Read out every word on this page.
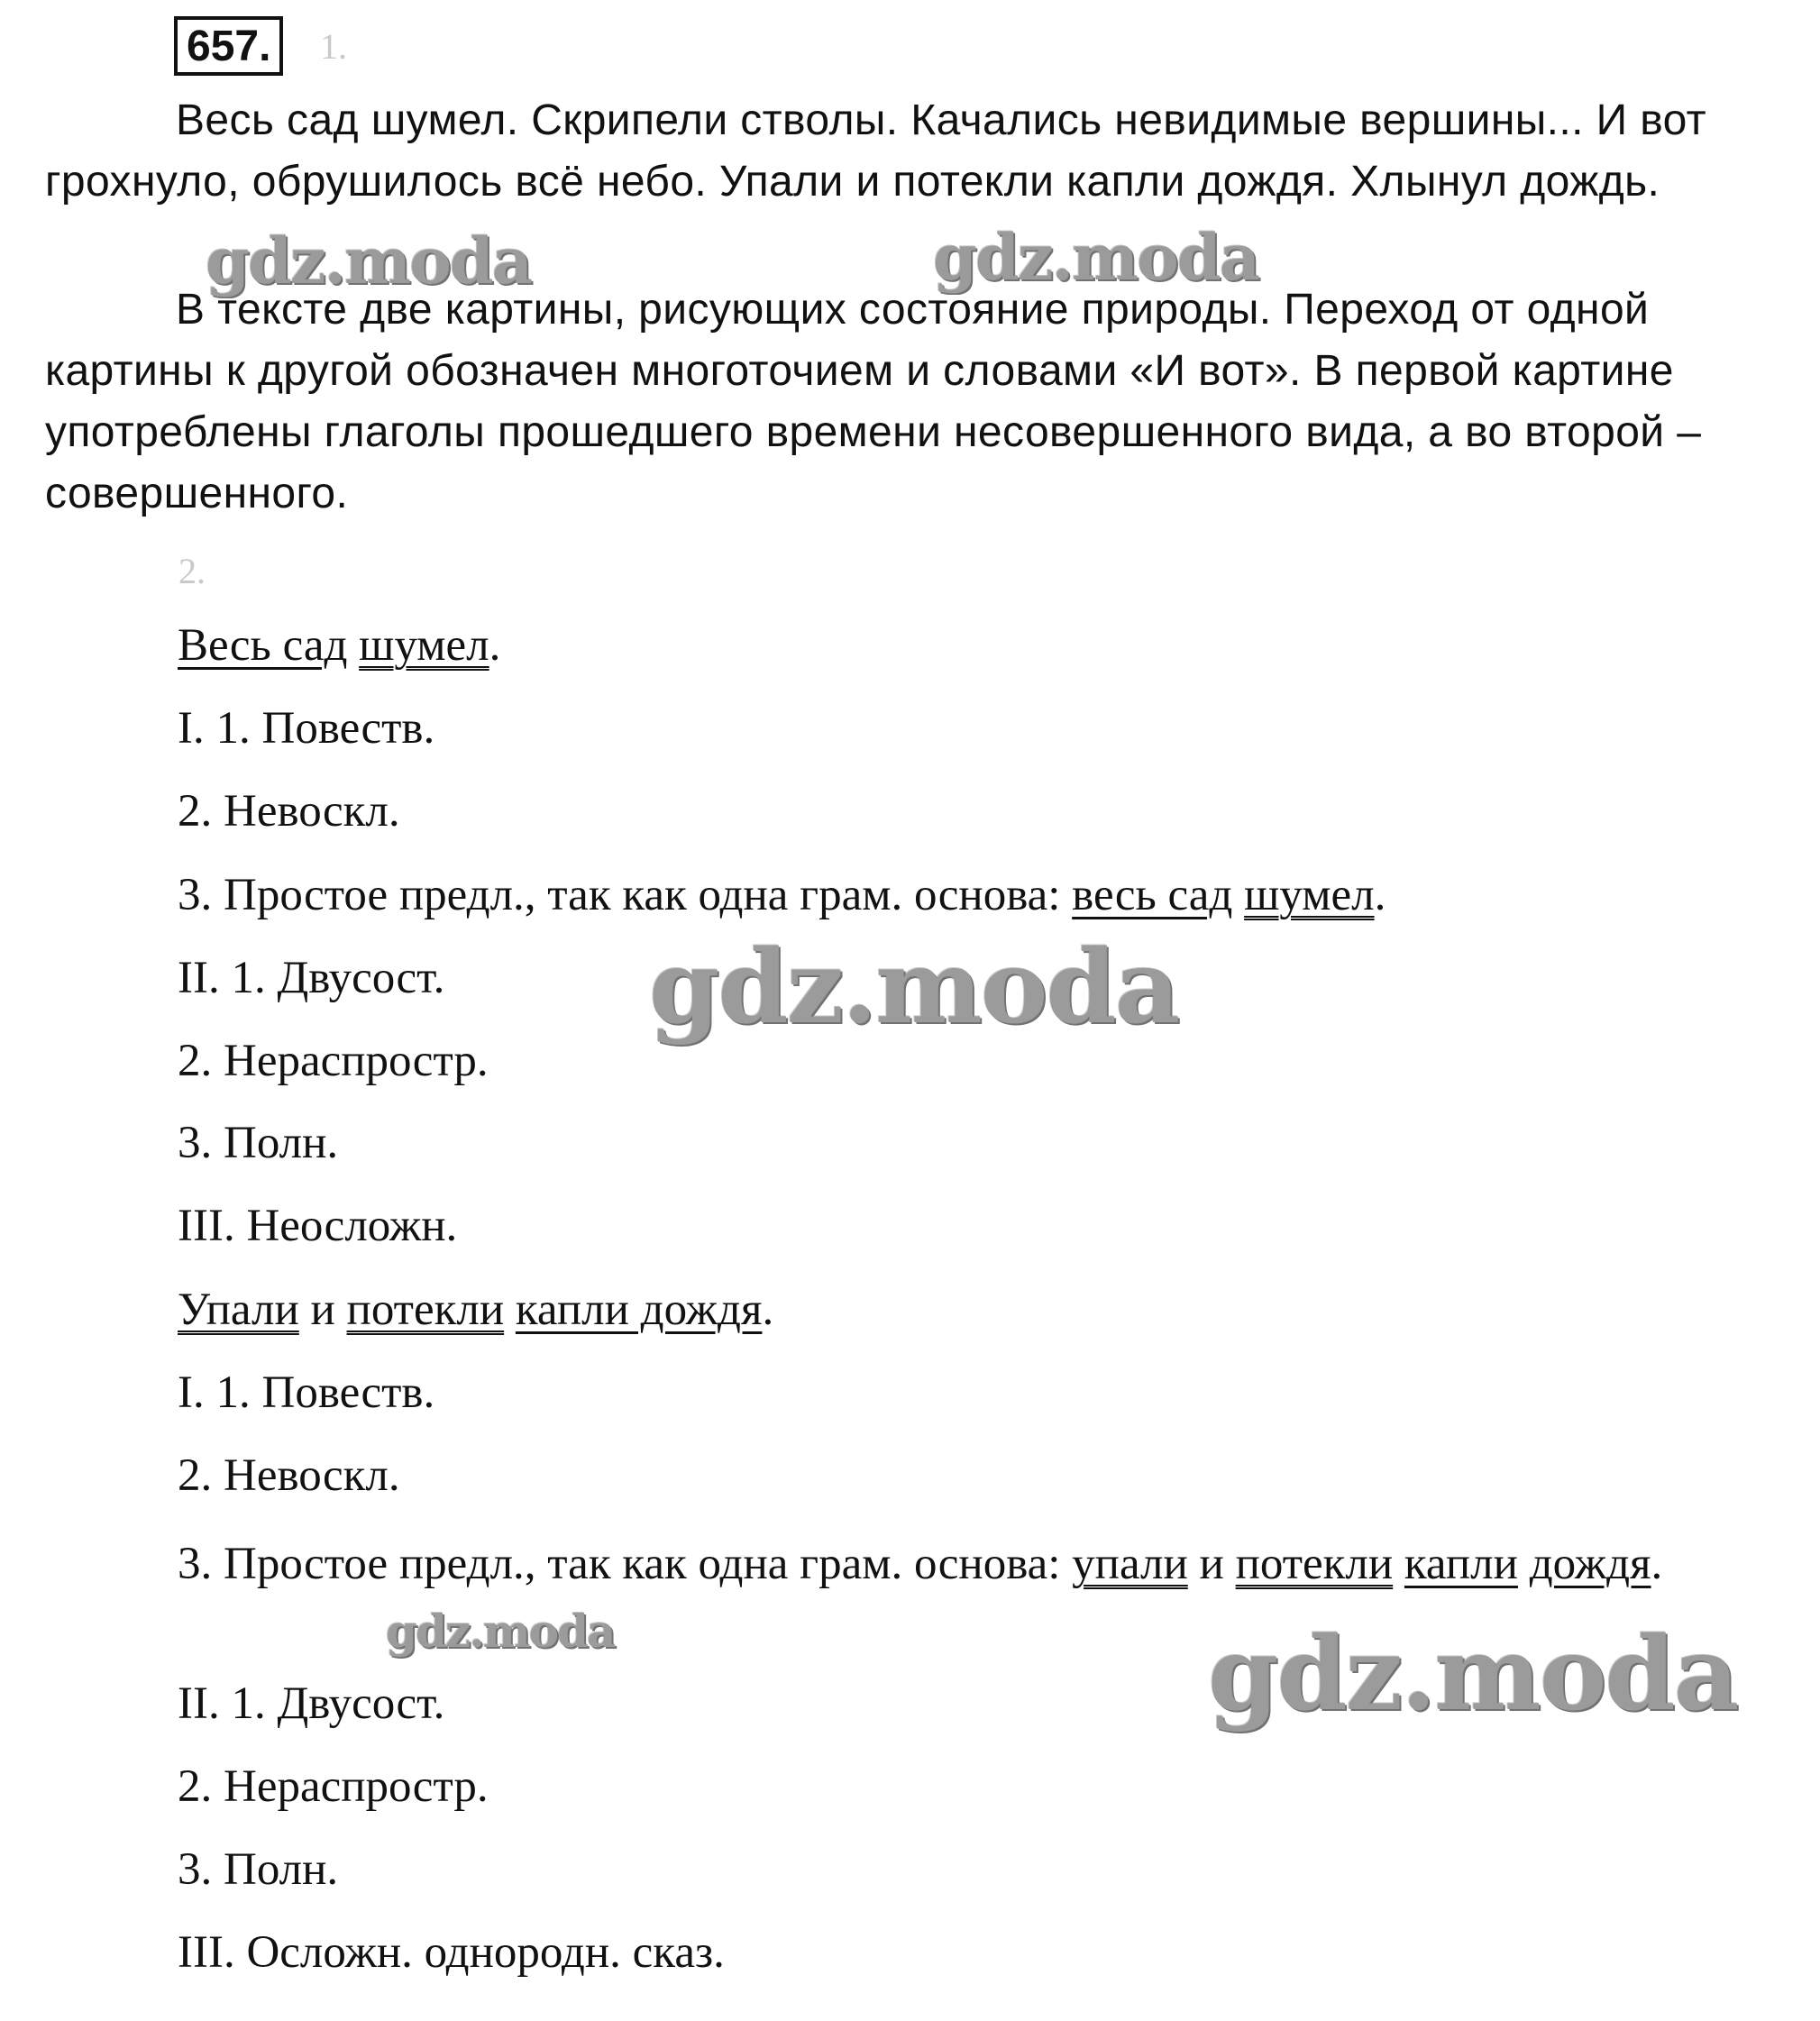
657.	1.

Весь сад шумел. Скрипели стволы. Качались невидимые вершины... И вот грохнуло, обрушилось всё небо. Упали и потекли капли дождя. Хлынул дождь.

В тексте две картины, рисующих состояние природы. Переход от одной картины к другой обозначен многоточием и словами «И вот». В первой картине употреблены глаголы прошедшего времени несовершенного вида, а во второй – совершенного.

2.

Весь сад шумел.

I. 1. Повеств.

2. Невоскл.

3. Простое предл., так как одна грам. основа: весь сад шумел.

II. 1. Двусост.

2. Нераспростр.

3. Полн.

III. Неосложн.

Упали и потекли капли дождя.

I. 1. Повеств.

2. Невоскл.

3. Простое предл., так как одна грам. основа: упали и потекли капли дождя.

II. 1. Двусост.

2. Нераспростр.

3. Полн.

III. Осложн. однородн. сказ.

gdz.moda	gdz.moda
gdz.moda
gdz.moda	gdz.moda
